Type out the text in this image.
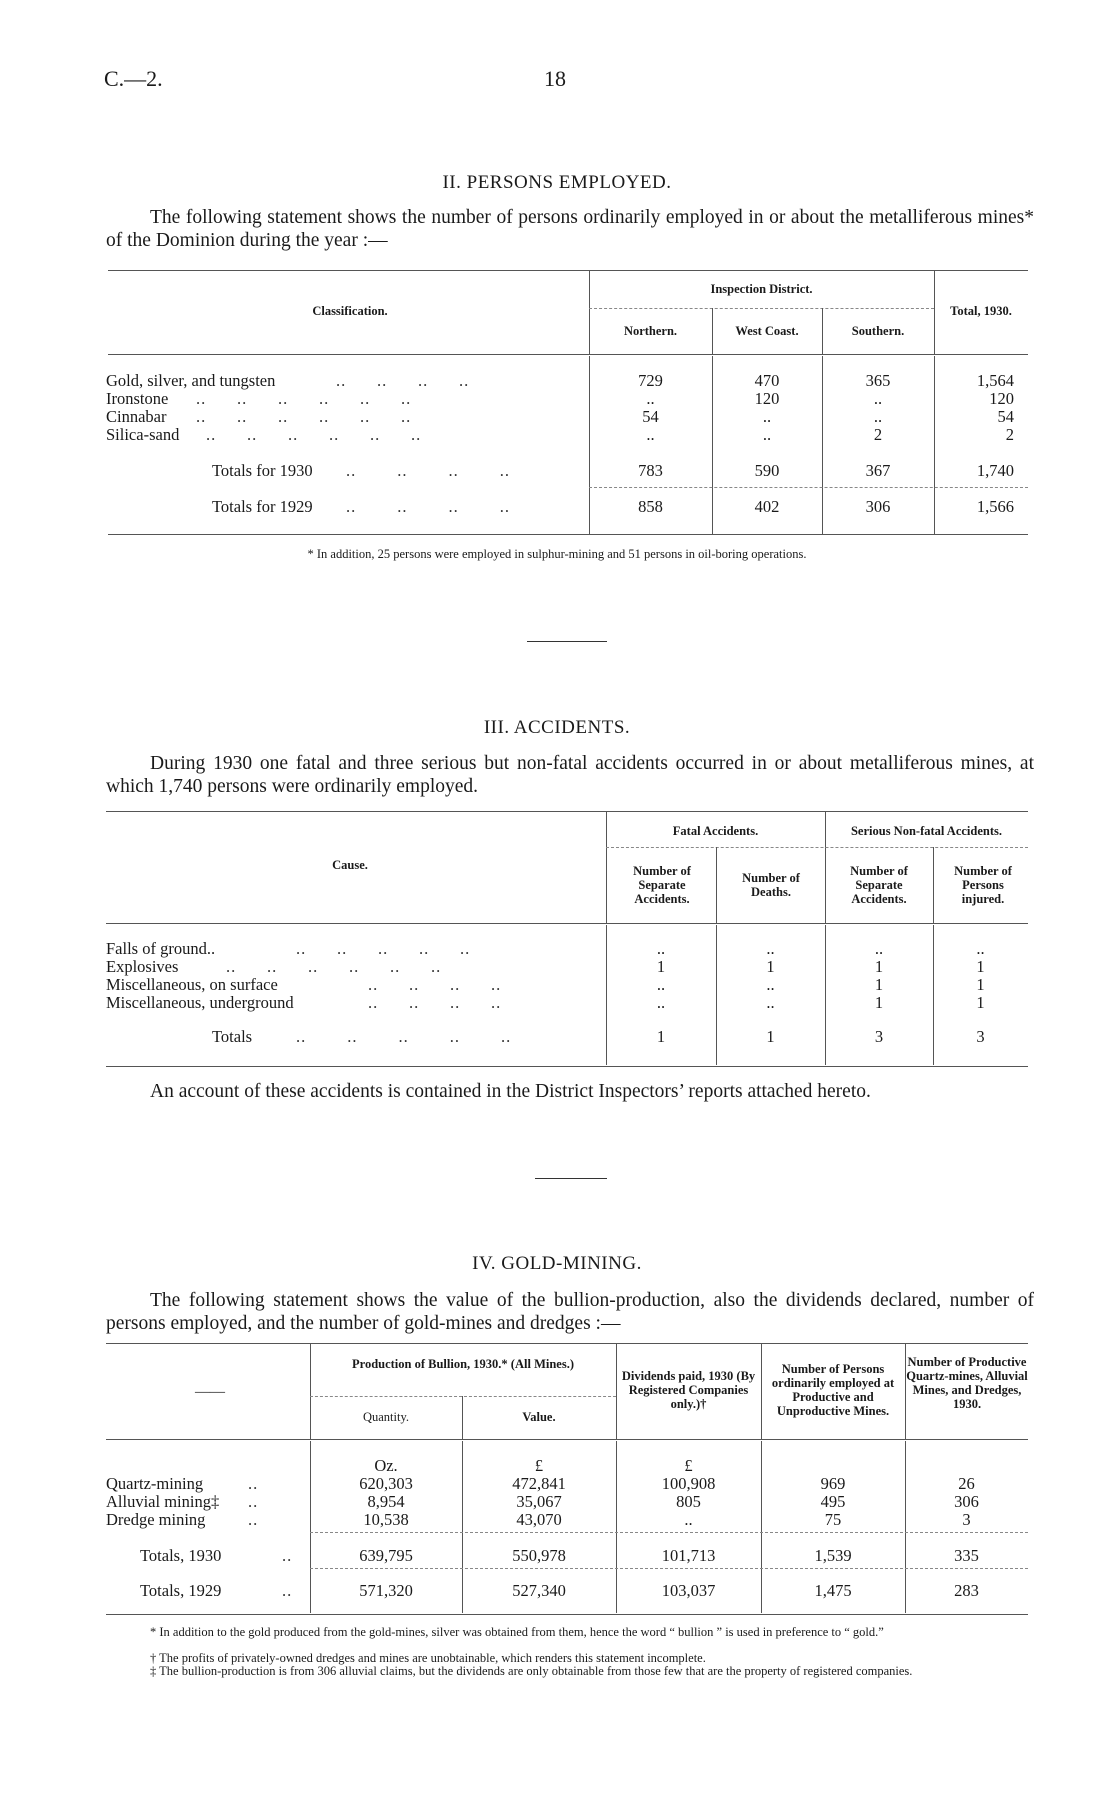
C.—2.	18
II. PERSONS EMPLOYED.
The following statement shows the number of persons ordinarily employed in or about the metalliferous mines* of the Dominion during the year :—
Classification.
Inspection District.
Northern.	West Coast.	Southern.
Total, 1930.
Gold, silver, and tungsten	..      ..      ..      ..	729	470	365	1,564
Ironstone ..      ..      ..      ..      ..      ..	..	120	..	120
Cinnabar ..      ..      ..      ..      ..      ..	54	..	..	54
Silica-sand ..      ..      ..      ..      ..      ..	..	..	2	2
Totals for 1930 ..        ..        ..        ..	783	590	367	1,740
Totals for 1929 ..        ..        ..        ..	858	402	306	1,566
* In addition, 25 persons were employed in sulphur-mining and 51 persons in oil-boring operations.
III. ACCIDENTS.
During 1930 one fatal and three serious but non-fatal accidents occurred in or about metalliferous mines, at which 1,740 persons were ordinarily employed.
Cause.
Fatal Accidents.	Serious Non-fatal Accidents.
Number of Separate Accidents.
Number of Deaths.
Number of Separate Accidents.
Number of Persons injured.
Falls of ground..	..      ..      ..      ..      ..	..	..	..	..
Explosives	..      ..      ..      ..      ..      ..	1	1	1	1
Miscellaneous, on surface	..      ..      ..      ..	..	..	1	1
Miscellaneous, underground	..      ..      ..      ..	..	..	1	1
Totals	..        ..        ..        ..        ..	1	1	3	3
An account of these accidents is contained in the District Inspectors’ reports attached hereto.
IV. GOLD-MINING.
The following statement shows the value of the bullion-production, also the dividends declared, number of persons employed, and the number of gold-mines and dredges :—
——
Production of Bullion, 1930.* (All Mines.)
Quantity.	Value.
Dividends paid, 1930 (By Registered Companies only.)†
Number of Persons ordinarily employed at Productive and Unproductive Mines.
Number of Productive Quartz-mines, Alluvial Mines, and Dredges, 1930.
Oz.	£	£
Quartz-mining	..	620,303	472,841	100,908	969	26
Alluvial mining‡ ..	8,954	35,067	805	495	306
Dredge mining	..	10,538	43,070	..	75	3
Totals, 1930	..	639,795	550,978	101,713	1,539	335
Totals, 1929	..	571,320	527,340	103,037	1,475	283
* In addition to the gold produced from the gold-mines, silver was obtained from them, hence the word “ bullion ” is used in preference to “ gold.”
† The profits of privately-owned dredges and mines are unobtainable, which renders this statement incomplete.
‡ The bullion-production is from 306 alluvial claims, but the dividends are only obtainable from those few that are the property of registered companies.
